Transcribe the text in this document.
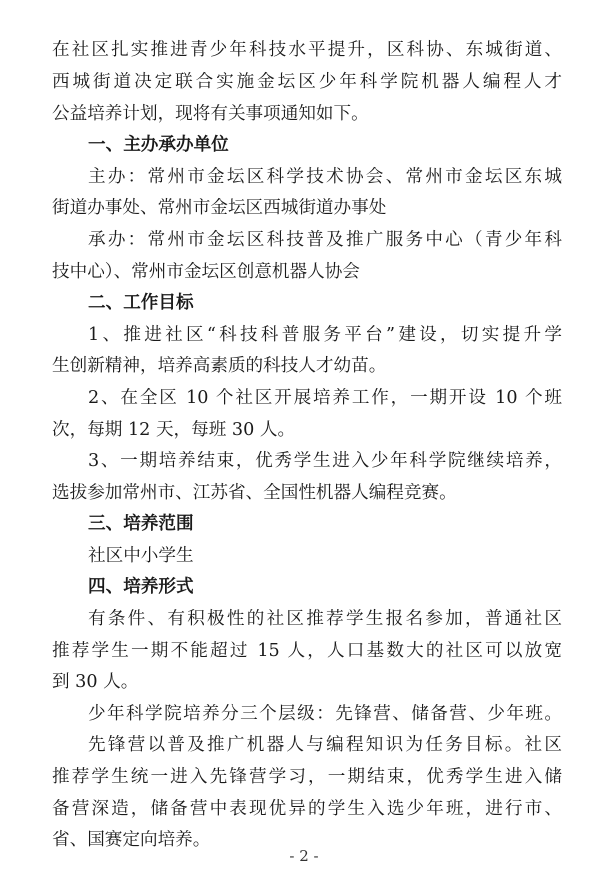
在社区扎实推进青少年科技水平提升，区科协、东城街道、
西城街道决定联合实施金坛区少年科学院机器人编程人才
公益培养计划，现将有关事项通知如下。
一、主办承办单位
主办：常州市金坛区科学技术协会、常州市金坛区东城
街道办事处、常州市金坛区西城街道办事处
承办：常州市金坛区科技普及推广服务中心（青少年科
技中心）、常州市金坛区创意机器人协会
二、工作目标
1、推进社区“科技科普服务平台”建设，切实提升学
生创新精神，培养高素质的科技人才幼苗。
2、在全区 10 个社区开展培养工作，一期开设 10 个班
次，每期 12 天，每班 30 人。
3、一期培养结束，优秀学生进入少年科学院继续培养，
选拔参加常州市、江苏省、全国性机器人编程竞赛。
三、培养范围
社区中小学生
四、培养形式
有条件、有积极性的社区推荐学生报名参加，普通社区
推荐学生一期不能超过 15 人，人口基数大的社区可以放宽
到 30 人。
少年科学院培养分三个层级：先锋营、储备营、少年班。
先锋营以普及推广机器人与编程知识为任务目标。社区
推荐学生统一进入先锋营学习，一期结束，优秀学生进入储
备营深造，储备营中表现优异的学生入选少年班，进行市、
省、国赛定向培养。
- 2 -
